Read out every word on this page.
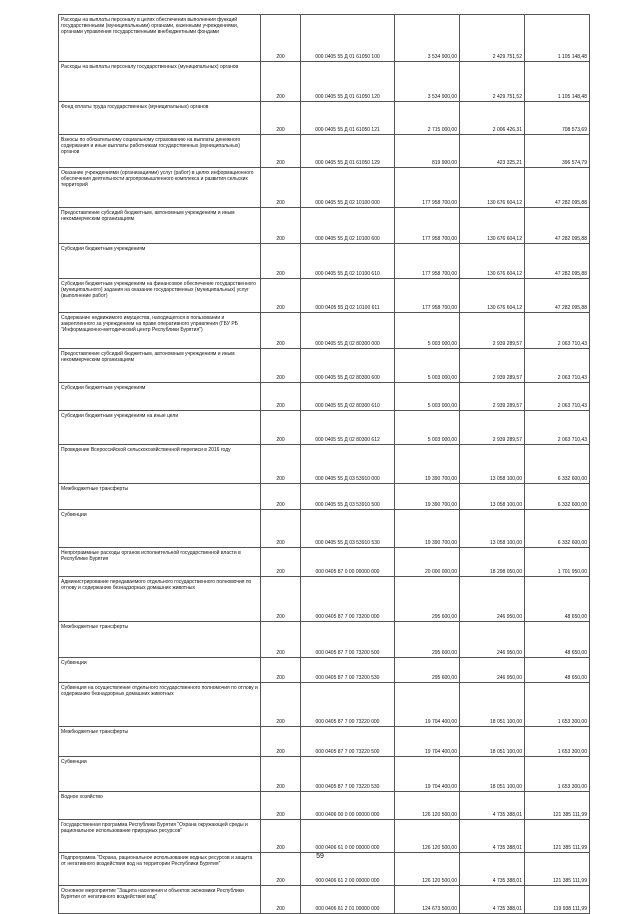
Расходы на выплаты персоналу в целях обеспечения выполнения функций государственными (муниципальными) органами, казенными учреждениями, органами управления государственными внебюджетными фондами	200	000 0405 55 Д 01 61050 100	3 534 900,00	2 429 751,52	1 105 148,48
Расходы на выплаты персоналу государственных (муниципальных) органов	200	000 0405 55 Д 01 61050 120	3 534 900,00	2 429 751,52	1 105 148,48
Фонд оплаты труда государственных (муниципальных) органов	200	000 0405 55 Д 01 61050 121	2 715 000,00	2 006 426,31	708 573,69
Взносы по обязательному социальному страхованию на выплаты денежного содержания и иные выплаты работникам государственных (муниципальных) органов	200	000 0405 55 Д 01 61050 129	819 900,00	423 325,21	396 574,79
Оказание учреждениями (организациями) услуг (работ) в целях информационного обеспечения деятельности агропромышленного комплекса и развития сельских территорий	200	000 0405 55 Д 02 10100 000	177 958 700,00	130 676 604,12	47 282 095,88
Предоставление субсидий бюджетным, автономным учреждениям и иным некоммерческим организациям	200	000 0405 55 Д 02 10100 600	177 958 700,00	130 676 604,12	47 282 095,88
Субсидии бюджетным учреждениям	200	000 0405 55 Д 02 10100 610	177 958 700,00	130 676 604,12	47 282 095,88
Субсидии бюджетным учреждениям на финансовое обеспечение государственного (муниципального) задания на оказание государственных (муниципальных) услуг (выполнение работ)	200	000 0405 55 Д 02 10100 611	177 958 700,00	130 676 604,12	47 282 095,88
Содержание недвижимого имущества, находящегося в пользовании и закрепленного за учреждением на праве оперативного управления (ГБУ РБ "Информационно-методический центр Республики Бурятия")	200	000 0405 55 Д 02 80300 000	5 003 000,00	2 939 289,57	2 063 710,43
Предоставление субсидий бюджетным, автономным учреждениям и иным некоммерческим организациям	200	000 0405 55 Д 02 80300 600	5 003 000,00	2 939 289,57	2 063 710,43
Субсидии бюджетным учреждениям	200	000 0405 55 Д 02 80300 610	5 003 000,00	2 939 289,57	2 063 710,43
Субсидии бюджетным учреждениям на иные цели	200	000 0405 55 Д 02 80300 612	5 003 000,00	2 939 289,57	2 063 710,43
Проведение Всероссийской сельскохозяйственной переписи в 2016 году	200	000 0405 55 Д 03 53910 000	19 390 700,00	13 058 100,00	6 332 600,00
Межбюджетные трансферты	200	000 0405 55 Д 03 53910 500	19 390 700,00	13 058 100,00	6 332 600,00
Субвенции	200	000 0405 55 Д 03 53910 530	19 390 700,00	13 058 100,00	6 332 600,00
Непрограммные расходы органов исполнительной государственной власти в Республике Бурятия	200	000 0405 87 0 00 00000 000	20 000 000,00	18 298 050,00	1 701 950,00
Администрирование передаваемого отдельного государственного полномочия по отлову и содержанию безнадзорных домашних животных	200	000 0405 87 7 00 73200 000	295 600,00	246 950,00	48 650,00
Межбюджетные трансферты	200	000 0405 87 7 00 73200 500	295 600,00	246 950,00	48 650,00
Субвенции	200	000 0405 87 7 00 73200 530	295 600,00	246 950,00	48 650,00
Субвенция на осуществление отдельного государственного полномочия по отлову и содержанию безнадзорных домашних животных	200	000 0405 87 7 00 73220 000	19 704 400,00	18 051 100,00	1 653 300,00
Межбюджетные трансферты	200	000 0405 87 7 00 73220 500	19 704 400,00	18 051 100,00	1 653 300,00
Субвенции	200	000 0405 87 7 00 73220 530	19 704 400,00	18 051 100,00	1 653 300,00
Водное хозяйство	200	000 0406 00 0 00 00000 000	126 120 500,00	4 735 388,01	121 385 111,99
Государственная программа Республики Бурятия "Охрана окружающей среды и рациональное использование природных ресурсов"	200	000 0406 61 0 00 00000 000	126 120 500,00	4 735 388,01	121 385 111,99
Подпрограмма "Охрана, рациональное использование водных ресурсов и защита от негативного воздействия вод на территории Республики Бурятия"	200	000 0406 61 2 00 00000 000	126 120 500,00	4 735 388,01	121 385 111,99
Основное мероприятие "Защита населения и объектов экономики Республики Бурятия от негативного воздействия вод"	200	000 0406 61 2 01 00000 000	124 673 500,00	4 735 388,01	119 938 111,99
59
